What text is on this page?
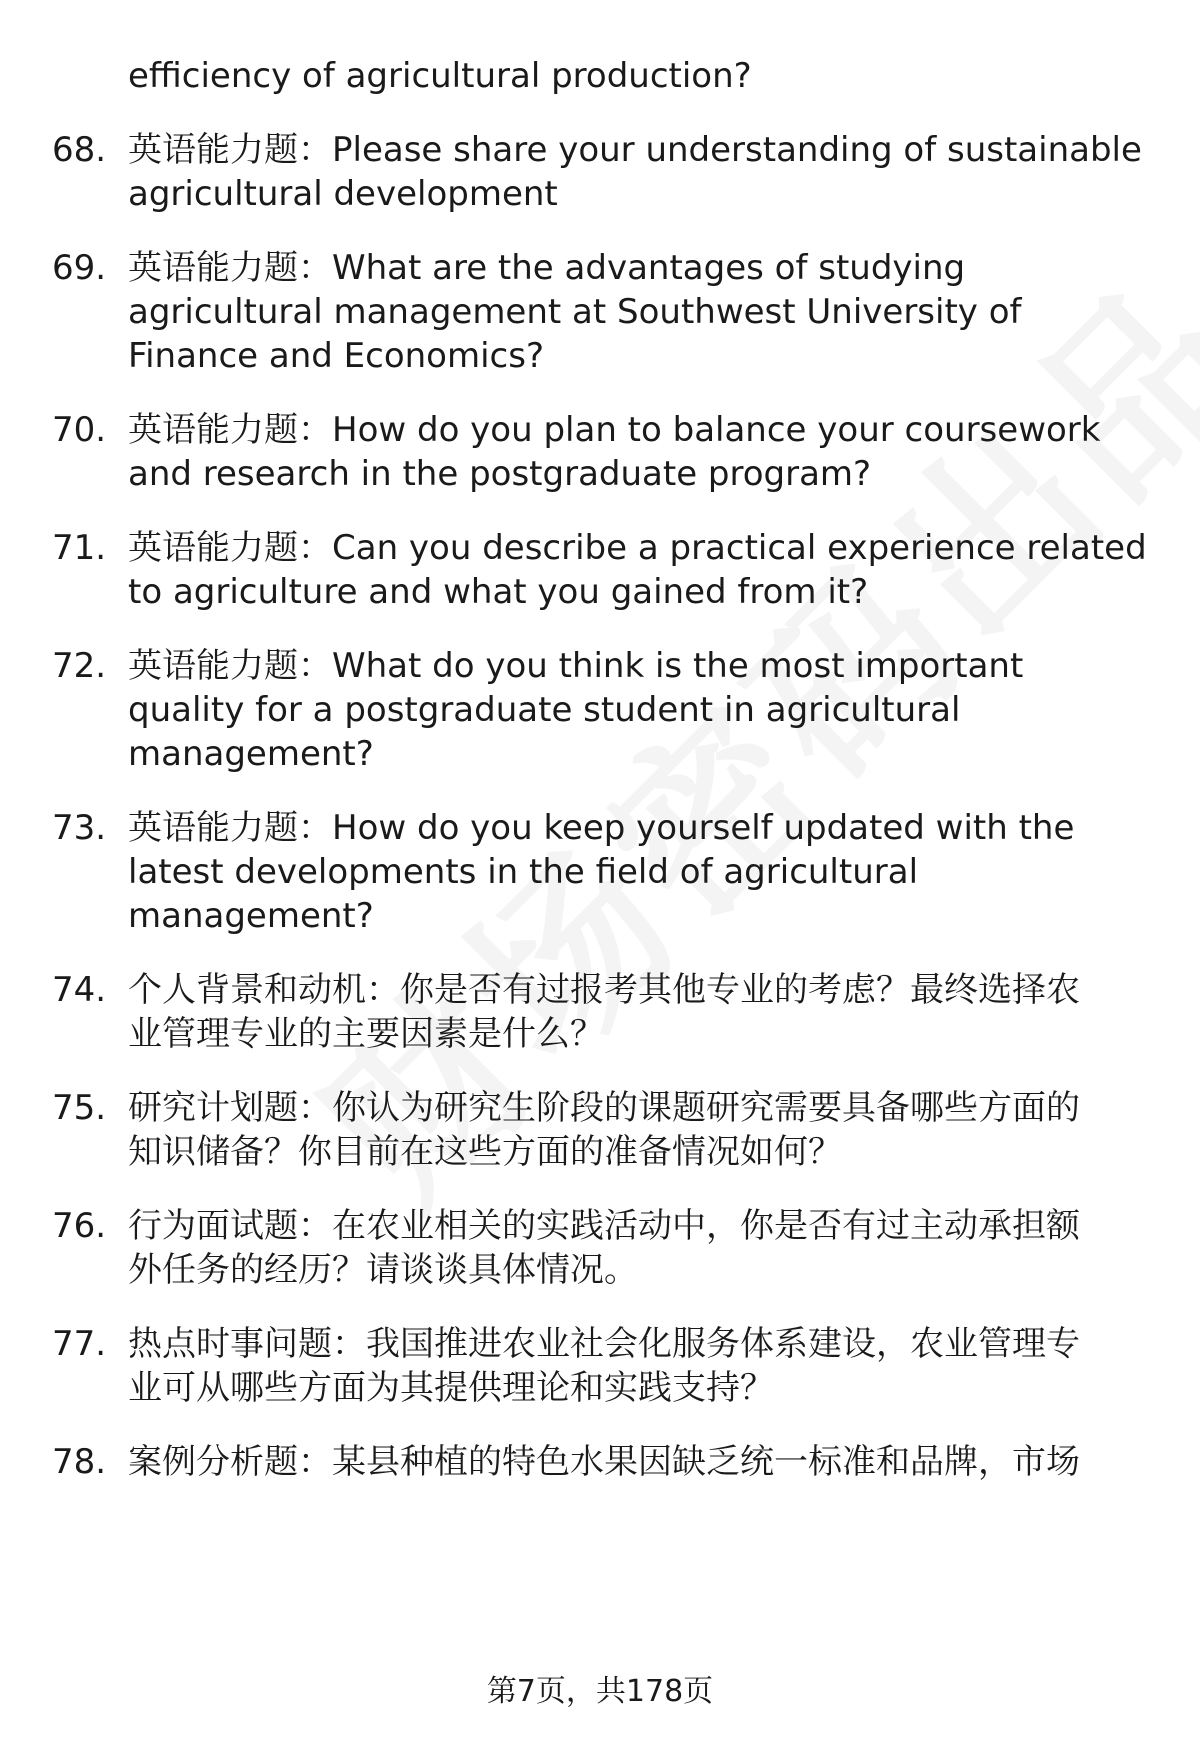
efficiency of agricultural production?
68. 英语能力题：Please share your understanding of sustainable
agricultural development
69. 英语能力题：What are the advantages of studying
agricultural management at Southwest University of
Finance and Economics?
70. 英语能力题：How do you plan to balance your coursework
and research in the postgraduate program?
71. 英语能力题：Can you describe a practical experience related
to agriculture and what you gained from it?
72. 英语能力题：What do you think is the most important
quality for a postgraduate student in agricultural
management?
73. 英语能力题：How do you keep yourself updated with the
latest developments in the field of agricultural
management?
74. 个人背景和动机：你是否有过报考其他专业的考虑？最终选择农
业管理专业的主要因素是什么？
75. 研究计划题：你认为研究生阶段的课题研究需要具备哪些方面的
知识储备？你目前在这些方面的准备情况如何？
76. 行为面试题：在农业相关的实践活动中，你是否有过主动承担额
外任务的经历？请谈谈具体情况。
77. 热点时事问题：我国推进农业社会化服务体系建设，农业管理专
业可从哪些方面为其提供理论和实践支持？
78. 案例分析题：某县种植的特色水果因缺乏统一标准和品牌，市场
第7页，共178页
